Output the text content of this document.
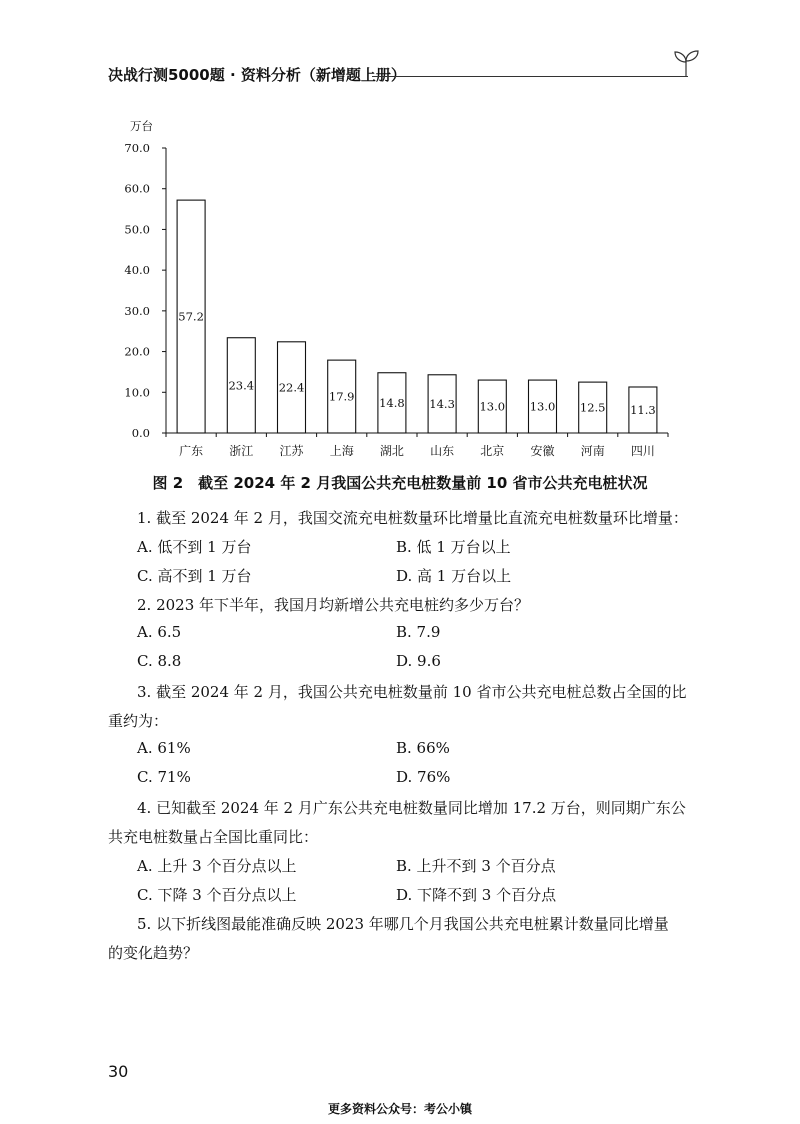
决战行测5000题 · 资料分析（新增题上册）
万台
0.0
10.0
20.0
30.0
40.0
50.0
60.0
70.0
57.2
广东
23.4
浙江
22.4
江苏
17.9
上海
14.8
湖北
14.3
山东
13.0
北京
13.0
安徽
12.5
河南
11.3
四川
图 2　截至 2024 年 2 月我国公共充电桩数量前 10 省市公共充电桩状况
1. 截至 2024 年 2 月，我国交流充电桩数量环比增量比直流充电桩数量环比增量：
A. 低不到 1 万台	B. 低 1 万台以上
C. 高不到 1 万台	D. 高 1 万台以上
2. 2023 年下半年，我国月均新增公共充电桩约多少万台？
A. 6.5	B. 7.9
C. 8.8	D. 9.6
3. 截至 2024 年 2 月，我国公共充电桩数量前 10 省市公共充电桩总数占全国的比
重约为：
A. 61%	B. 66%
C. 71%	D. 76%
4. 已知截至 2024 年 2 月广东公共充电桩数量同比增加 17.2 万台，则同期广东公
共充电桩数量占全国比重同比：
A. 上升 3 个百分点以上	B. 上升不到 3 个百分点
C. 下降 3 个百分点以上	D. 下降不到 3 个百分点
5. 以下折线图最能准确反映 2023 年哪几个月我国公共充电桩累计数量同比增量
的变化趋势？
30
更多资料公众号：考公小镇
